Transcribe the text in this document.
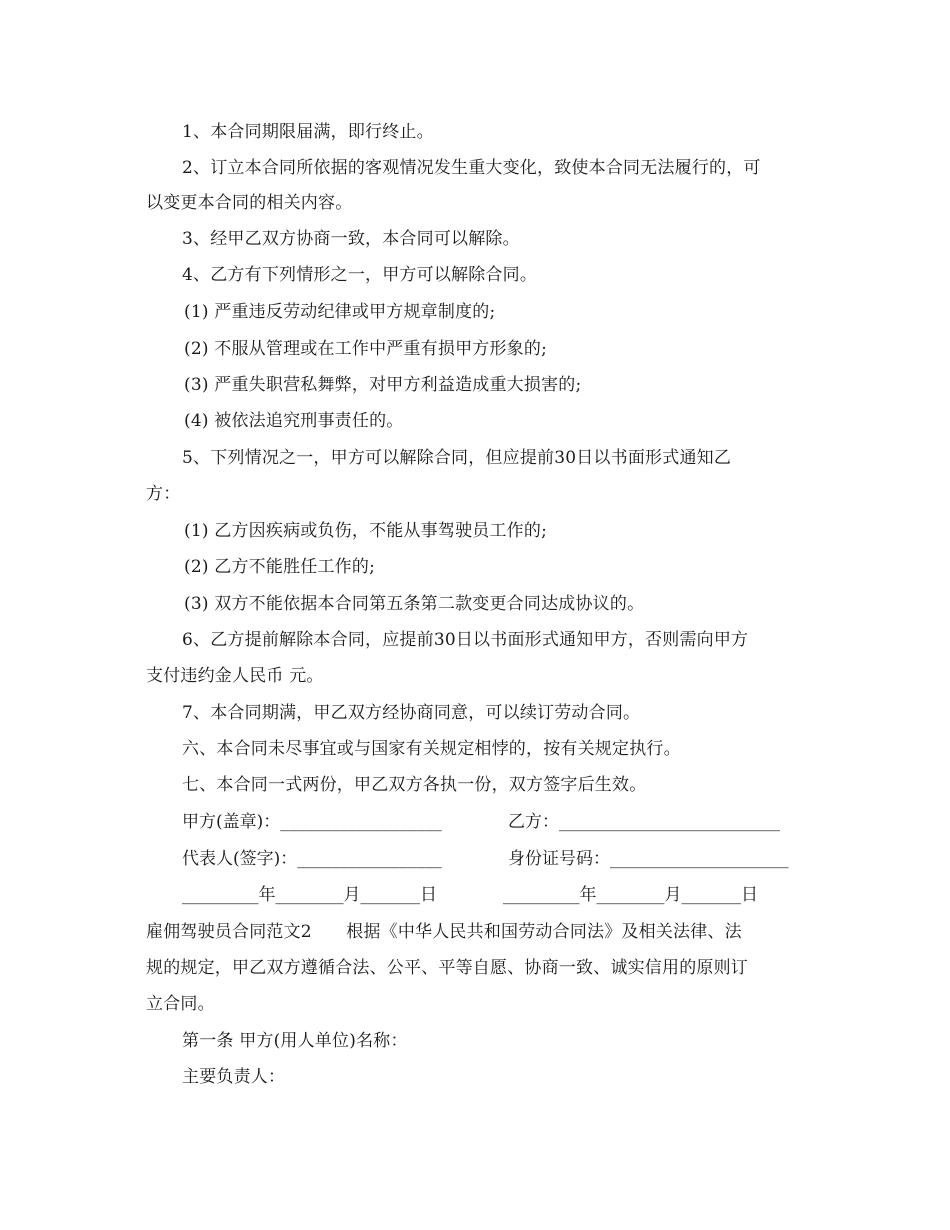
1、本合同期限届满，即行终止。
2、订立本合同所依据的客观情况发生重大变化，致使本合同无法履行的，可
以变更本合同的相关内容。
3、经甲乙双方协商一致，本合同可以解除。
4、乙方有下列情形之一，甲方可以解除合同。
(1) 严重违反劳动纪律或甲方规章制度的;
(2) 不服从管理或在工作中严重有损甲方形象的;
(3) 严重失职营私舞弊，对甲方利益造成重大损害的;
(4) 被依法追究刑事责任的。
5、下列情况之一，甲方可以解除合同，但应提前30日以书面形式通知乙
方：
(1) 乙方因疾病或负伤，不能从事驾驶员工作的;
(2) 乙方不能胜任工作的;
(3) 双方不能依据本合同第五条第二款变更合同达成协议的。
6、乙方提前解除本合同，应提前30日以书面形式通知甲方，否则需向甲方
支付违约金人民币 元。
7、本合同期满，甲乙双方经协商同意，可以续订劳动合同。
六、本合同未尽事宜或与国家有关规定相悖的，按有关规定执行。
七、本合同一式两份，甲乙双方各执一份，双方签字后生效。
甲方(盖章)：___________________	乙方：__________________________
代表人(签字)：_________________	身份证号码：_____________________
_________年________月_______日	_________年________月_______日
雇佣驾驶员合同范文2　　根据《中华人民共和国劳动合同法》及相关法律、法
规的规定，甲乙双方遵循合法、公平、平等自愿、协商一致、诚实信用的原则订
立合同。
第一条 甲方(用人单位)名称：
主要负责人：
